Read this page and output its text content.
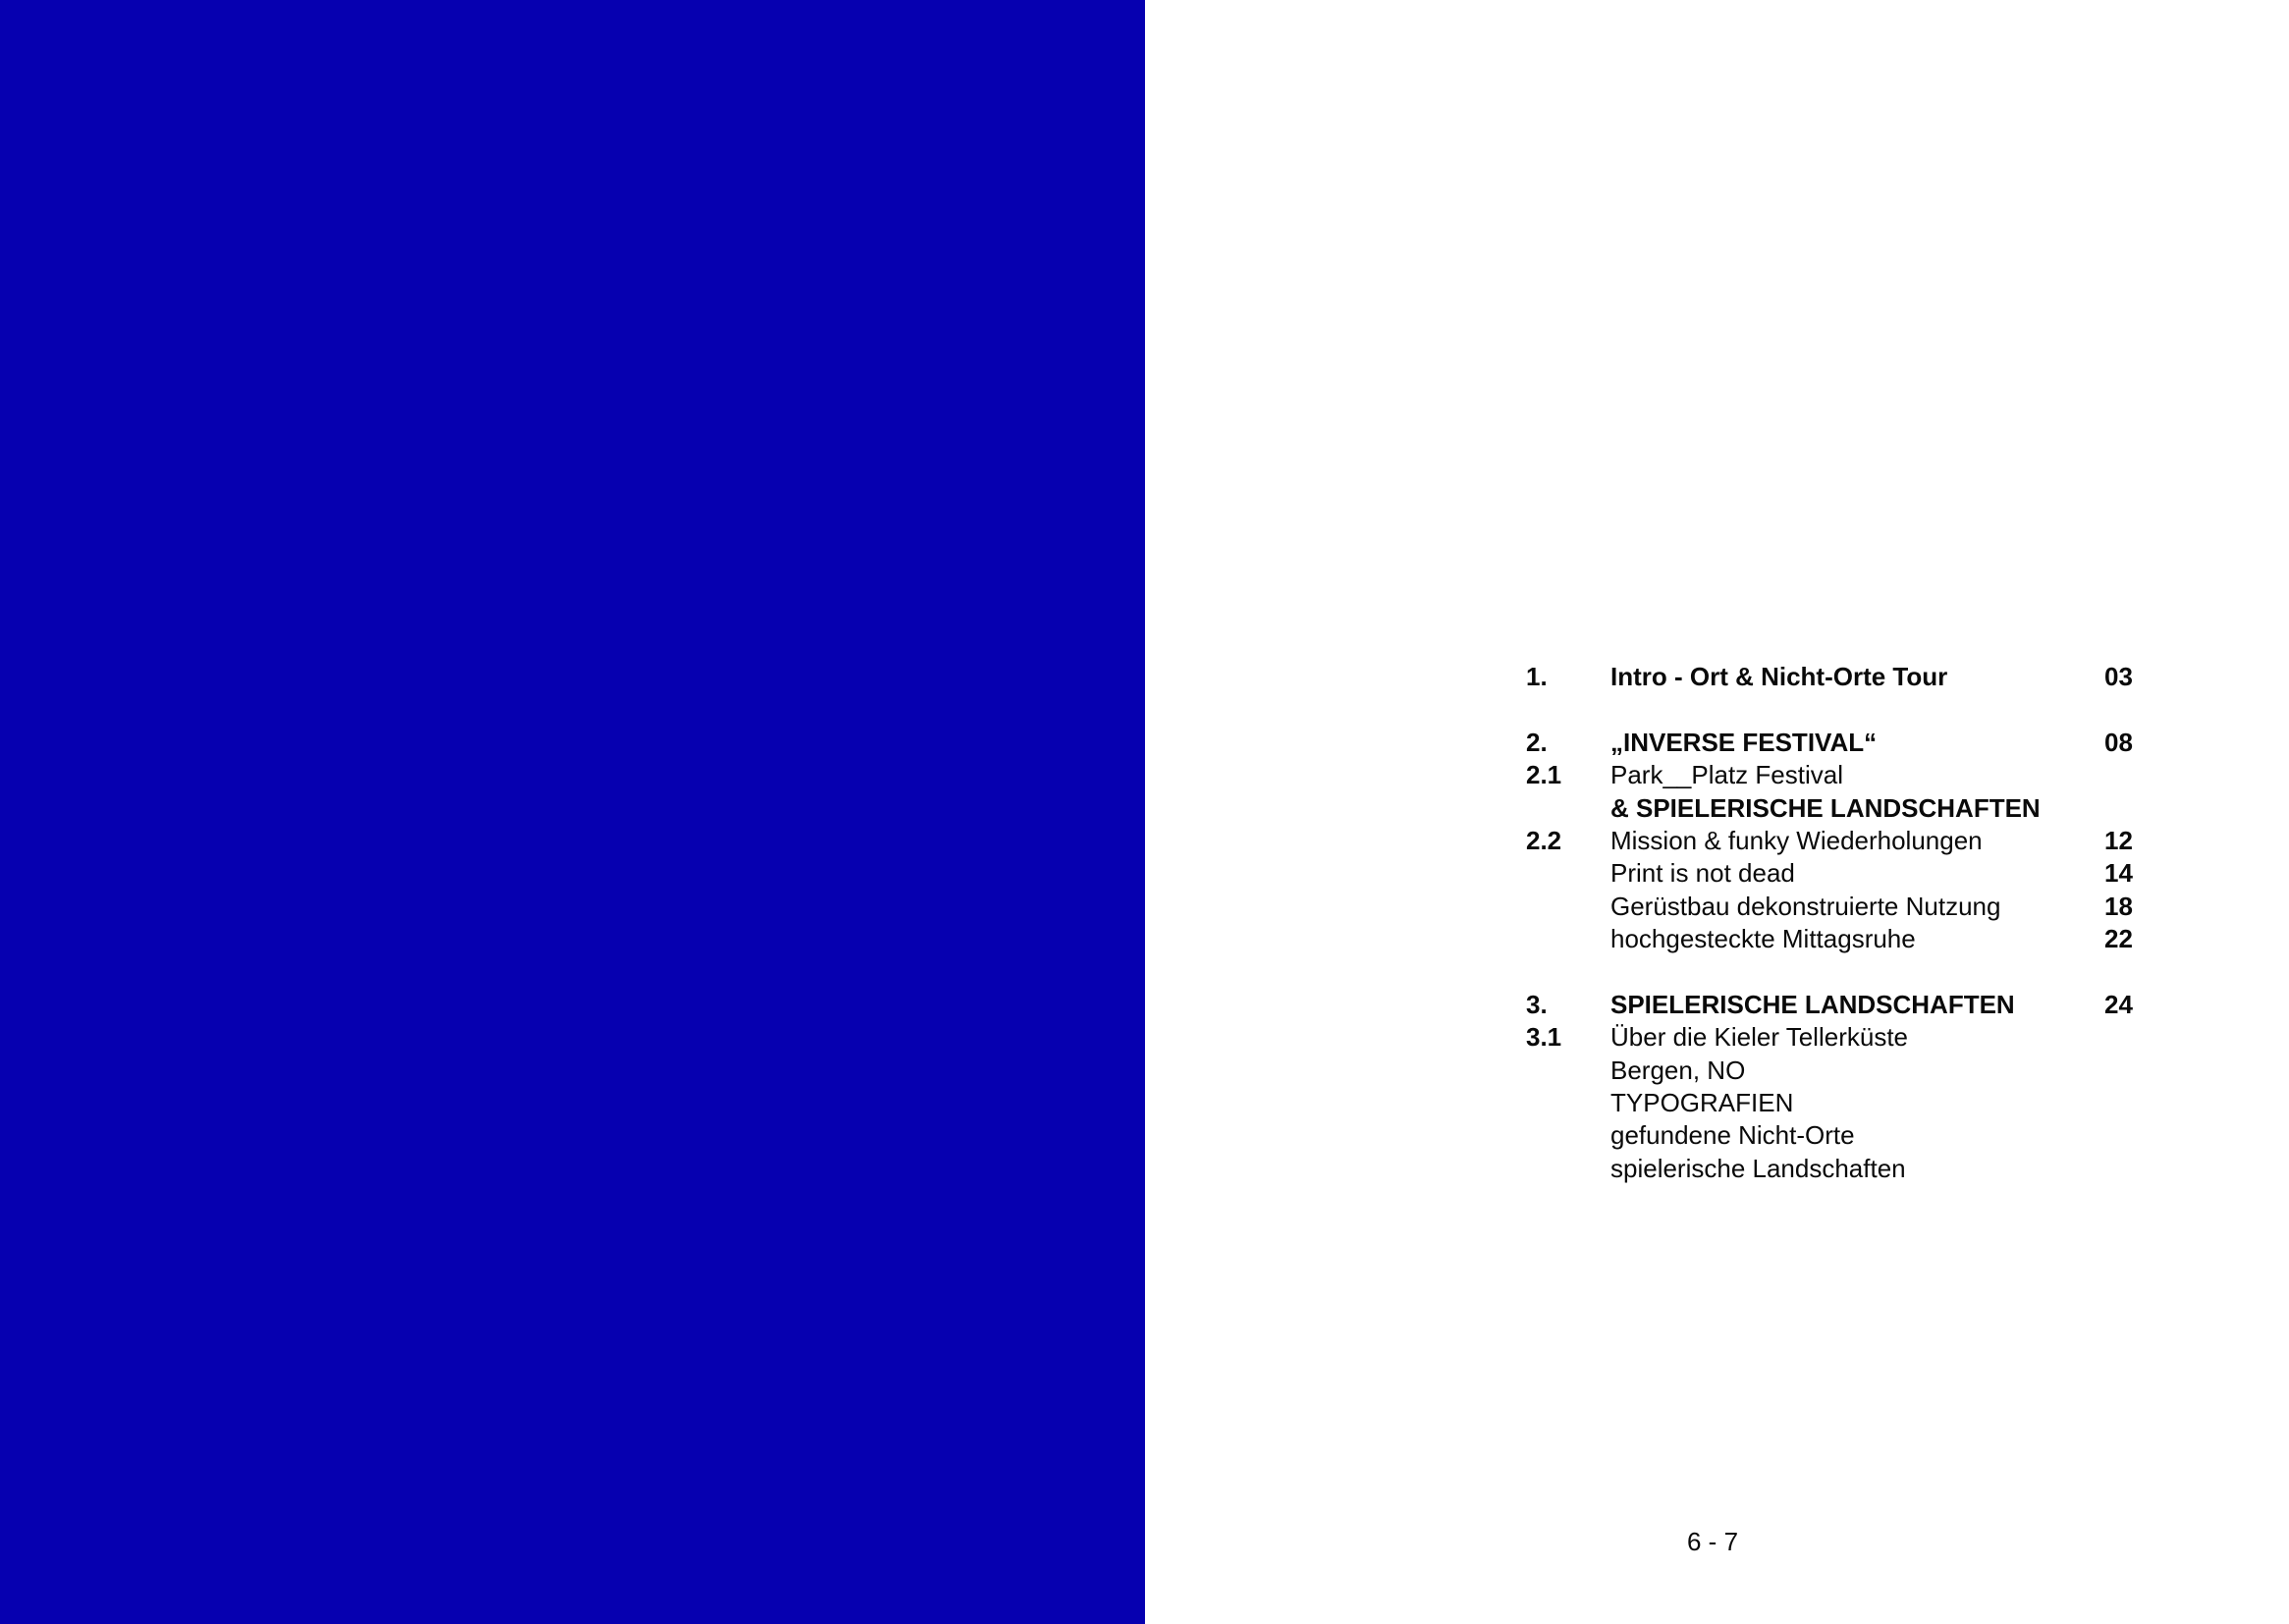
1. Intro - Ort & Nicht-Orte Tour	03
2. „INVERSE FESTIVAL“	08
2.1 Park__Platz Festival
& SPIELERISCHE LANDSCHAFTEN
2.2 Mission & funky Wiederholungen	12
Print is not dead	14
Gerüstbau dekonstruierte Nutzung	18
hochgesteckte Mittagsruhe	22
3. SPIELERISCHE LANDSCHAFTEN	24
3.1 Über die Kieler Tellerküste
Bergen, NO
TYPOGRAFIEN
gefundene Nicht-Orte
spielerische Landschaften
6 - 7
